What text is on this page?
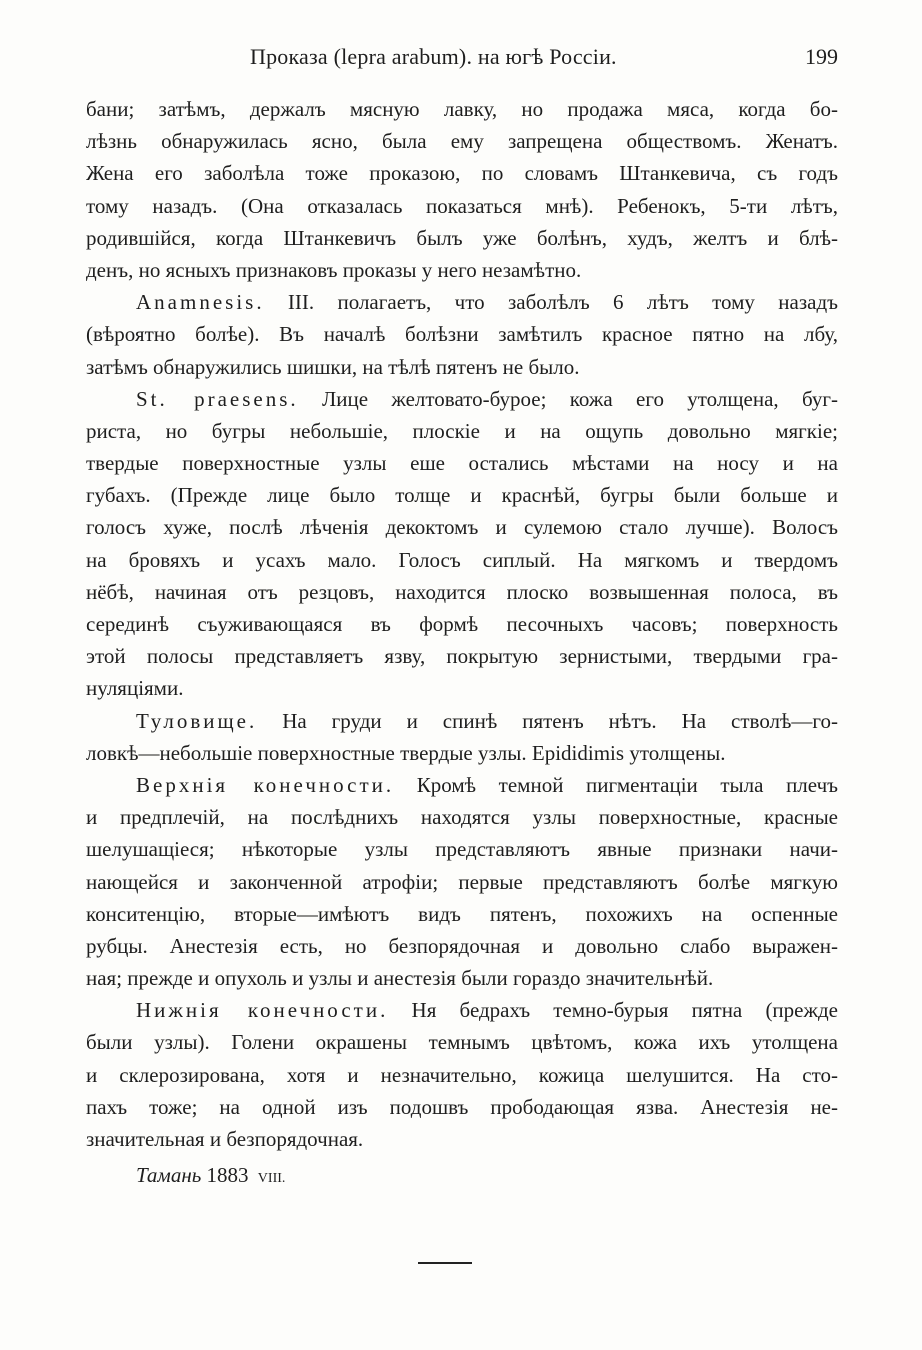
Проказа (lepra arabum). на югѣ Россіи.	199
бани; затѣмъ, держалъ мясную лавку, но продажа мяса, когда бо-
лѣзнь обнаружилась ясно, была ему запрещена обществомъ. Женатъ.
Жена его заболѣла тоже проказою, по словамъ Штанкевича, съ годъ
тому назадъ. (Она отказалась показаться мнѣ). Ребенокъ, 5-ти лѣтъ,
родившійся, когда Штанкевичъ былъ уже болѣнъ, худъ, желтъ и блѣ-
денъ, но ясныхъ признаковъ проказы у него незамѣтно.
Anamnesis. III. полагаетъ, что заболѣлъ 6 лѣтъ тому назадъ
(вѣроятно болѣе). Въ началѣ болѣзни замѣтилъ красное пятно на лбу,
затѣмъ обнаружились шишки, на тѣлѣ пятенъ не было.
St. praesens. Лице желтовато-бурое; кожа его утолщена, буг-
риста, но бугры небольшіе, плоскіе и на ощупь довольно мягкіе;
твердые поверхностные узлы еше остались мѣстами на носу и на
губахъ. (Прежде лице было толще и краснѣй, бугры были больше и
голосъ хуже, послѣ лѣченія декоктомъ и сулемою стало лучше). Волосъ
на бровяхъ и усахъ мало. Голосъ сиплый. На мягкомъ и твердомъ
нёбѣ, начиная отъ резцовъ, находится плоско возвышенная полоса, въ
серединѣ съуживающаяся въ формѣ песочныхъ часовъ; поверхность
этой полосы представляетъ язву, покрытую зернистыми, твердыми гра-
нуляціями.
Туловище. На груди и спинѣ пятенъ нѣтъ. На стволѣ—го-
ловкѣ—небольшіе поверхностные твердые узлы. Epididimis утолщены.
Верхнія конечности. Кромѣ темной пигментаціи тыла плечъ
и предплечій, на послѣднихъ находятся узлы поверхностные, красные
шелушащіеся; нѣкоторые узлы представляютъ явные признаки начи-
нающейся и законченной атрофіи; первые представляютъ болѣе мягкую
конситенцію, вторые—имѣютъ видъ пятенъ, похожихъ на оспенные
рубцы. Анестезія есть, но безпорядочная и довольно слабо выражен-
ная; прежде и опухоль и узлы и анестезія были гораздо значительнѣй.
Нижнія конечности. Ня бедрахъ темно-бурыя пятна (прежде
были узлы). Голени окрашены темнымъ цвѣтомъ, кожа ихъ утолщена
и склерозирована, хотя и незначительно, кожица шелушится. На сто-
пахъ тоже; на одной изъ подошвъ прободающая язва. Анестезія не-
значительная и безпорядочная.
Тамань 1883 VIII.
